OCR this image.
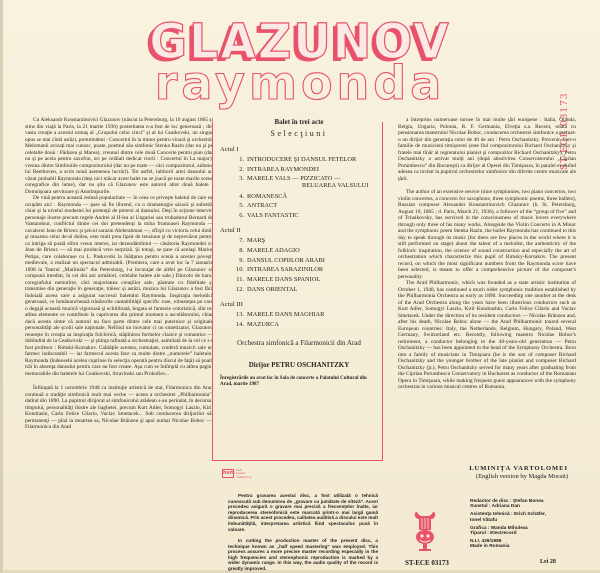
GLAZUNOV
raymonda
ST-ECE 03173

Cu Aleksandr Konstantinovici Glazunov (născut la Petersburg, la 10 august 1865 şi stins din viaţă la Paris, la 21 martie 1936) posteritatea n-a fost de loc generoasă ; din vasta creaţie a acestui urmaş al „Grupului celor cinci” şi al lui Ceaikovski, un singur opus se mai cîntă astăzi, pretutindeni : Concertul în la minor pentru vioară şi orchestră. Melomanii avizaţi mai cunosc, poate, poemul său simfonic Stenka Razin (dar nu şi pe celelalte două : Pădurea şi Marea), vreunul dintre cele două Concerte pentru pian (dar nu şi pe acela pentru saxofon, ori pe celălalt dedicat viorii : Concertul în La major), vreuna dintre Simfoniile compozitorului (dar nu pe toate — căci compozitorul, aidoma lui Beethoven, a scris nouă asemenea lucrări). Tot astfel, iubitorii artei dansului au văzut probabil Raymonda (deşi nici măcar acest balet nu se joacă pe toate marile scene coregrafice din lume), dar nu ştiu că Glazunov este autorul altor două balete : Domnişoara servitoare şi Anotimpurile.

De vină pentru această redusă popularitate — în ceea ce priveşte baletul de care ne ocupăm aici : Raymonda — pare să fie libretul, cu o dramaturgie săracă şi subredă chiar şi la nivelul modestei lui pretenţii de pretext al dansului. Deşi în acţiune intervin personaje ilustre precum regele Andrei al II-lea al Ungariei sau trubadurul Bernard de Vantandour, conflictul dintre cei doi pretendenţi la mîna frumoasei Raymonda — cavalerul Jean de Brieux şi şeicul sarazin Abderahman —, sfîrşit cu victoria celui dintîi şi moartea celui de-al doilea, este mult prea lipsit de tensiune şi de neprevăzut pentru ca intriga să poată stîrni vreun interes, iar deznodămîntul — căsătoria Raymondei cu Jean de Brieux — să mai producă vreo surpriză. Şi totuşi, se pare că acelaşi Marius Petipa, care colaborase cu L. Paskovski la înălţarea pentru scenă a acestei poveşti medievale, a realizat un spectacol admirabil. (Premiera, care a avut loc la 7 ianuarie 1898 la Teatrul „Mariinski” din Petersburg, l-a încurajat de altfel pe Glazunov să compună imediat, în cei doi ani următori, celelalte balete ale sale.) Dincolo de harul coregrafului nemuritor, căci majoritatea creaţiilor sale, păstrate cu fidelitate şi transmise din generaţie în generaţie, trăiesc şi astăzi, muzica lui Glazunov a fost fără îndoială aceea care a asigurat succesul baletului Raymonda. Inspiraţia melodică generoasă, ce înmănunchează trăsăturile cantabilităţii specific ruse, robusteţea pe care o degajă această muzică viguroasă şi echilibrată, bogata ei fantezie coloristică, sînt tot atîtea elemente ce contribuie la captivarea din primul moment a ascultătorului, chiar dacă acesta simte că autorul nu face parte dintre cele mai puternice şi originale personalităţi ale şcolii sale naţionale. Nefiind un inovator ci un sintetizator, Glazunov reuneşte în creaţia sa inspiraţia folclorică, stăpînirea formelor clasice şi romantice — dobîndită de la Ceaikovski — şi ştiinţa rafinată a orchestraţiei, asimilată de la cel ce i-a fost profesor : Rimski-Korsakov. Calităţile acestea, cumulate, conferă muzicii sale un farmec indiscutabil — iar farmecul acesta face ca multe dintre „numerele” baletului Raymonda (îndeosebi acelea cuprinse în selecţia operată pentru discul de faţă) să poată trăi în absenţa dansului pentru care au fost create. Aşa cum se întîmplă cu atîtea pagini memorabile din baletele lui Ceaikovski, Stravinski sau Prokofiev...

Înfiinţată la 1 octombrie 1948 ca instituţie artistică de stat, Filarmonica din Arad continuă o tradiţie simfonică mult mai veche — aceea a orchestrei „Philharmonia”, datînd din 1890. La pupitrul dirijoral al simfonicului arădean s-au perindat, în decursul timpului, personalităţi ilustre ale baghetei, precum Kurt Adler, Somogyi Laszlo, Kiril Kondrasin, Carlo Felice Cilario, Vaclav Smetacek... Sub conducerea dirijorilor săi permanenţi — pînă la moartea sa, Nicolae Brânzeu şi apoi numai Nicolae Boboc —, Filarmonica din Arad

Balet în trei acte
Selecţiuni
Actul I
1. INTRODUCERE ŞI DANSUL FETELOR
2. INTRAREA RAYMONDEI
3. MARELE VALS — PIZZICATO —
RELUAREA VALSULUI
4. ROMANESCĂ
5. ANTRACT
6. VALS FANTASTIC
Actul II
7. MARŞ
8. MARELE ADAGIO
9. DANSUL COPIILOR ARABI
10. INTRAREA SARAZINILOR
11. MARELE DANS SPANIOL
12. DANS ORIENTAL
Actul III
13. MARELE DANS MAGHIAR
14. MAZURCA
Orchestra simfonică a Filarmonicii din Arad
Dirijor PETRU OSCHANITZKY
Înregistrările au avut loc în Sala de concerte a Palatului Cultural din Arad, martie 1987
hsm
half
speed
mastering

Pentru gravarea acestui disc, a fost utilizată o tehnică cunoscută sub denumirea de „gravare cu jumătate de viteză”. Acest procedeu asigură o gravare mai precisă a frecvenţelor înalte, iar reproducerea stereofonică este marcată printr-o mai largă gamă dinamică. Prin acest procedeu, calitatea auditivă a discului este mult îmbunătăţită, interpretarea artistică fiind spectaculos pusă în valoare.

In cutting the production master of the present disc, a technique known as „half speed mastering” was employed. This process assures a more precise master recording especially in the high frequencies and stereophonic reproduction is marked by a wider dynamic range. In this way, the audio quality of the record is greatly improved.

a întreprins numeroase turnee în mai multe ţări europene : Italia, Olanda, Belgia, Ungaria, Polonia, R. F. Germania, Elveţia s.a. Recent, odată cu pensionarea maestrului Nicolae Boboc, conducerea orchestrei simfonice a preluat-o un dirijor din generaţia celor de 40 de ani : Petru Oschanitzky. Provenit dintr-o familie de muzicieni timişoreni (este fiul compozitorului Richard Oschanitzky şi fratele mai tînăr al regretatului pianist şi compozitor Richard Oschanitzky), Petru Oschanitzky a activat mulţi ani (după absolvirea Conservatorului „Ciprian Porumbescu” din Bucureşti) ca dirijor al Operei din Timişoara, în paralel evoluînd adesea ca invitat la pupitrul orchestrelor simfonice din diferite centre muzicale ale ţării.

The author of an extensive oeuvre (nine symphonies, two piano concertos, two violin concertos, a concerto for saxophone, three symphonic poems, three ballets), Russian composer Alexander Konstantinovich Glazunov (b. St. Petersburg, August 10, 1865 ; d. Paris, March 21, 1936), a follower of the “group of five” and of Tchaikovsky, has survived in the consciousness of music lovers everywhere through only three of his many works. Alongside the Violin Concerto in A Minor and the symphonic poem Stenka Razin, the ballet Raymonda has continued to this day to speak through its music (for there are few places in the world where it is still performed on stage) about the talent of a melodist, the authenticity of the folkloric inspiration, the science of sound construction and especially the art of orchestration which characterize this pupil of Rimsky-Korsakov. The present record, on which the most significant numbers from the Raymonda score have been selected, is meant to offer a comprehensive picture of the composer's personality.

The Arad Philharmonic, which was founded as a state artistic institution of October 1, 1948, has continued a much older symphonic tradition established by the Philharmonia Orchestra as early as 1890. Succeeding one another at the desk of the Arad Orchestra along the years have been illustrious conductors such as Kurt Adler, Somogyi Laszlo, Kiril Kondrashin, Carlo Felice Cilario and Vaclav Smetacek. Under the direction of its resident conductors — Nicolae Brânzeu and, after his death, Nicolae Boboc alone — the Arad Philharmonic toured several European countries: Italy, the Netherlands, Belgium, Hungary, Poland, West Germany, Switzerland etc. Recently, following maestro Nicolae Boboc's retirement, a conductor belonging to the 40-years-old generation — Petru Oschanitzky — has been appointed to the head of the Symphony Orchestra. Born into a family of musicians in Timişoara (he is the son of composer Richard Oschanitzky and the younger brother of the late pianist and composer Richard Oschanitzky (jr.), Petru Oschanitzky served for many years after graduating from the Ciprian Porumbescu Conservatory in Bucharest as conductor of the Romanian Opera in Timişoara, while making frequent guest appearances with the symphony orchestras in various musical centres of Romania.

LUMINIŢA VARTOLOMEI
(English version by Magda Morait)
Redactor de disc : Ştefan Bonea
Sunetul : Adriana Dan
Asistenţa tehnică : Erich Schäfer,
Ionel Vătafu
Grafica : Wanda Mihuleac
Tiparul : Electrecord
N.I.I. 439/1986
Made in Romania
ST-ECE 03173	Lei 28
